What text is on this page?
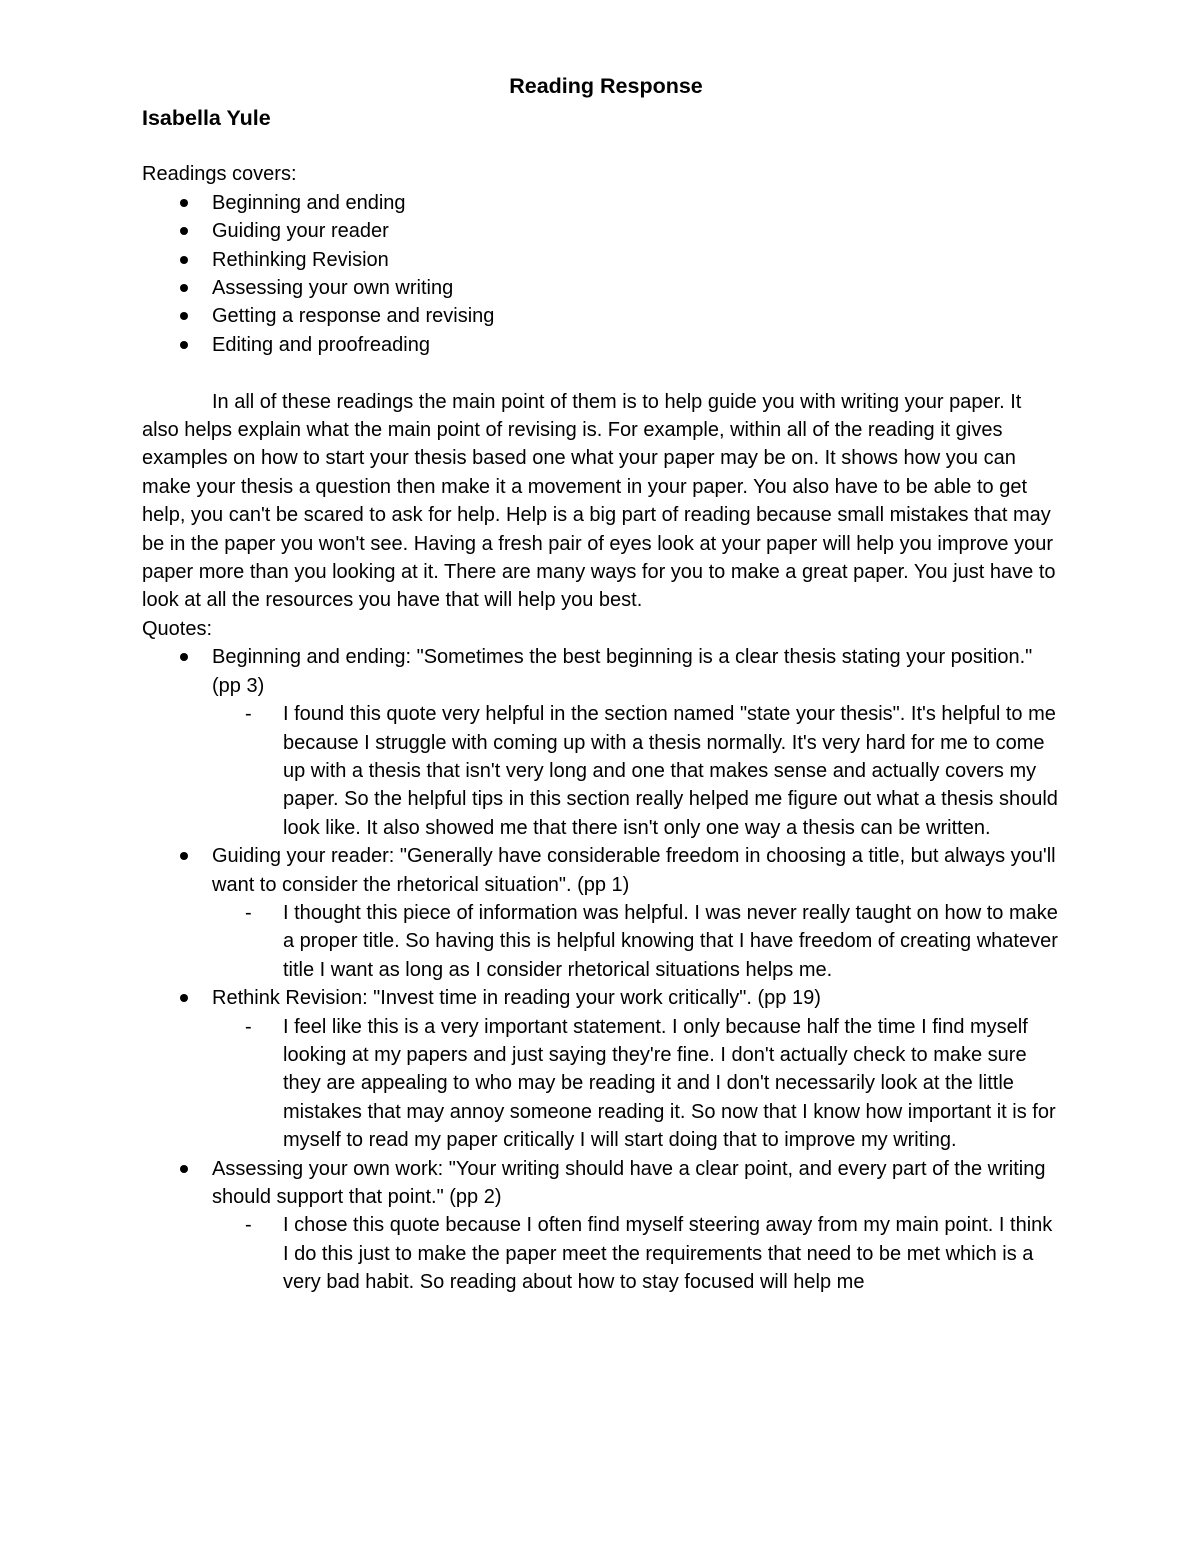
Reading Response

Isabella Yule

Readings covers:

Beginning and ending
Guiding your reader
Rethinking Revision
Assessing your own writing
Getting a response and revising
Editing and proofreading

In all of these readings the main point of them is to help guide you with writing your paper. It also helps explain what the main point of revising is. For example, within all of the reading it gives examples on how to start your thesis based one what your paper may be on. It shows how you can make your thesis a question then make it a movement in your paper. You also have to be able to get help, you can't be scared to ask for help. Help is a big part of reading because small mistakes that may be in the paper you won't see. Having a fresh pair of eyes look at your paper will help you improve your paper more than you looking at it. There are many ways for you to make a great paper. You just have to look at all the resources you have that will help you best.

Quotes:

Beginning and ending: "Sometimes the best beginning is a clear thesis stating your position." (pp 3)
- I found this quote very helpful in the section named "state your thesis". It's helpful to me because I struggle with coming up with a thesis normally. It's very hard for me to come up with a thesis that isn't very long and one that makes sense and actually covers my paper. So the helpful tips in this section really helped me figure out what a thesis should look like. It also showed me that there isn't only one way a thesis can be written.
Guiding your reader: "Generally have considerable freedom in choosing a title, but always you'll want to consider the rhetorical situation". (pp 1)
- I thought this piece of information was helpful. I was never really taught on how to make a proper title. So having this is helpful knowing that I have freedom of creating whatever title I want as long as I consider rhetorical situations helps me.
Rethink Revision: "Invest time in reading your work critically". (pp 19)
- I feel like this is a very important statement. I only because half the time I find myself looking at my papers and just saying they're fine. I don't actually check to make sure they are appealing to who may be reading it and I don't necessarily look at the little mistakes that may annoy someone reading it. So now that I know how important it is for myself to read my paper critically I will start doing that to improve my writing.
Assessing your own work: "Your writing should have a clear point, and every part of the writing should support that point." (pp 2)
- I chose this quote because I often find myself steering away from my main point. I think I do this just to make the paper meet the requirements that need to be met which is a very bad habit. So reading about how to stay focused will help me
